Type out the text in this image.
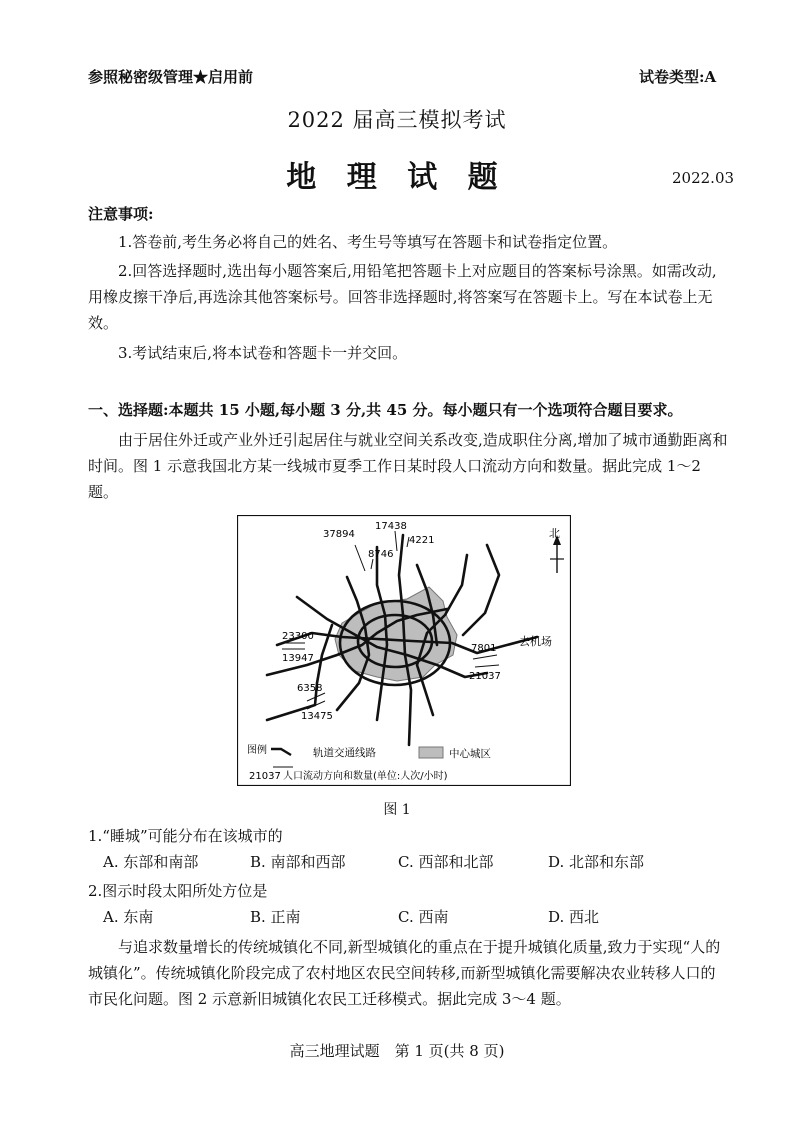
参照秘密级管理★启用前	试卷类型:A
2022 届高三模拟考试
地 理 试 题	2022.03
注意事项:
1.答卷前,考生务必将自己的姓名、考生号等填写在答题卡和试卷指定位置。
2.回答选择题时,选出每小题答案后,用铅笔把答题卡上对应题目的答案标号涂黑。如需改动,用橡皮擦干净后,再选涂其他答案标号。回答非选择题时,将答案写在答题卡上。写在本试卷上无效。
3.考试结束后,将本试卷和答题卡一并交回。
一、选择题:本题共 15 小题,每小题 3 分,共 45 分。每小题只有一个选项符合题目要求。
由于居住外迁或产业外迁引起居住与就业空间关系改变,造成职住分离,增加了城市通勤距离和时间。图 1 示意我国北方某一线城市夏季工作日某时段人口流动方向和数量。据此完成 1～2 题。
北
37894
8746
17438
4221
23300
13947
7801
21037
6358
13475
去机场
图例	轨道交通线路	中心城区
21037 人口流动方向和数量(单位:人次/小时)
图 1
1.“睡城”可能分布在该城市的
A. 东部和南部	B. 南部和西部	C. 西部和北部	D. 北部和东部
2.图示时段太阳所处方位是
A. 东南	B. 正南	C. 西南	D. 西北
与追求数量增长的传统城镇化不同,新型城镇化的重点在于提升城镇化质量,致力于实现“人的城镇化”。传统城镇化阶段完成了农村地区农民空间转移,而新型城镇化需要解决农业转移人口的市民化问题。图 2 示意新旧城镇化农民工迁移模式。据此完成 3～4 题。
高三地理试题　第 1 页(共 8 页)
